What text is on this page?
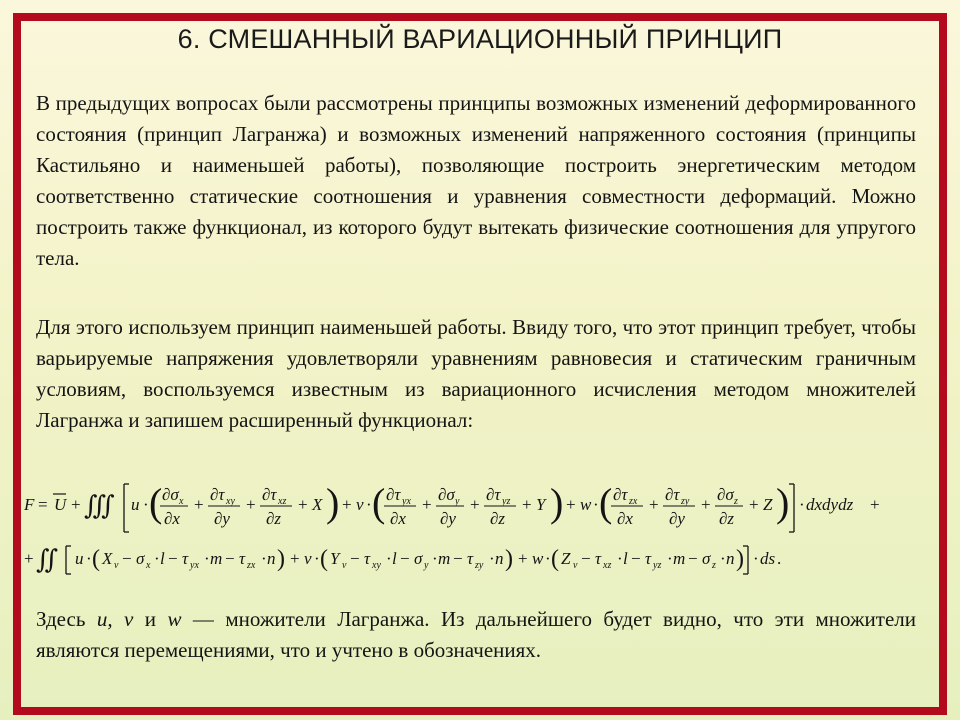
6. СМЕШАННЫЙ ВАРИАЦИОННЫЙ ПРИНЦИП

В предыдущих вопросах были рассмотрены принципы возможных изменений деформированного состояния (принцип Лагранжа) и возможных изменений напряженного состояния (принципы Кастильяно и наименьшей работы), позволяющие построить энергетическим методом соответственно статические соотношения и уравнения совместности деформаций. Можно построить также функционал, из которого будут вытекать физические соотношения для упругого тела.

Для этого используем принцип наименьшей работы. Ввиду того, что этот принцип требует, чтобы варьируемые напряжения удовлетворяли уравнениям равновесия и статическим граничным условиям, воспользуемся известным из вариационного исчисления методом множителей Лагранжа и запишем расширенный функционал:

F = U + ∭ u · ( ∂σ x
∂x
+
∂τ xy
∂y
+
∂τ xz
∂z
+ X ) + v · ( ∂τ yx
∂x
+
∂σ y
∂y
+
∂τ yz
∂z
+ Y ) + w · ( ∂τ zx
∂x
+
∂τ zy
∂y
+
∂σ z
∂z
+ Z ) · dxdydz +
+ ∬ u · ( X v − σ x · l − τ yx · m − τ zx · n ) + v · ( Y v − τ xy · l − σ y · m − τ zy · n ) + w · ( Z v − τ xz · l − τ yz · m − σ z · n ) · ds .

Здесь u, v и w — множители Лагранжа. Из дальнейшего будет видно, что эти множители являются перемещениями, что и учтено в обозначениях.
